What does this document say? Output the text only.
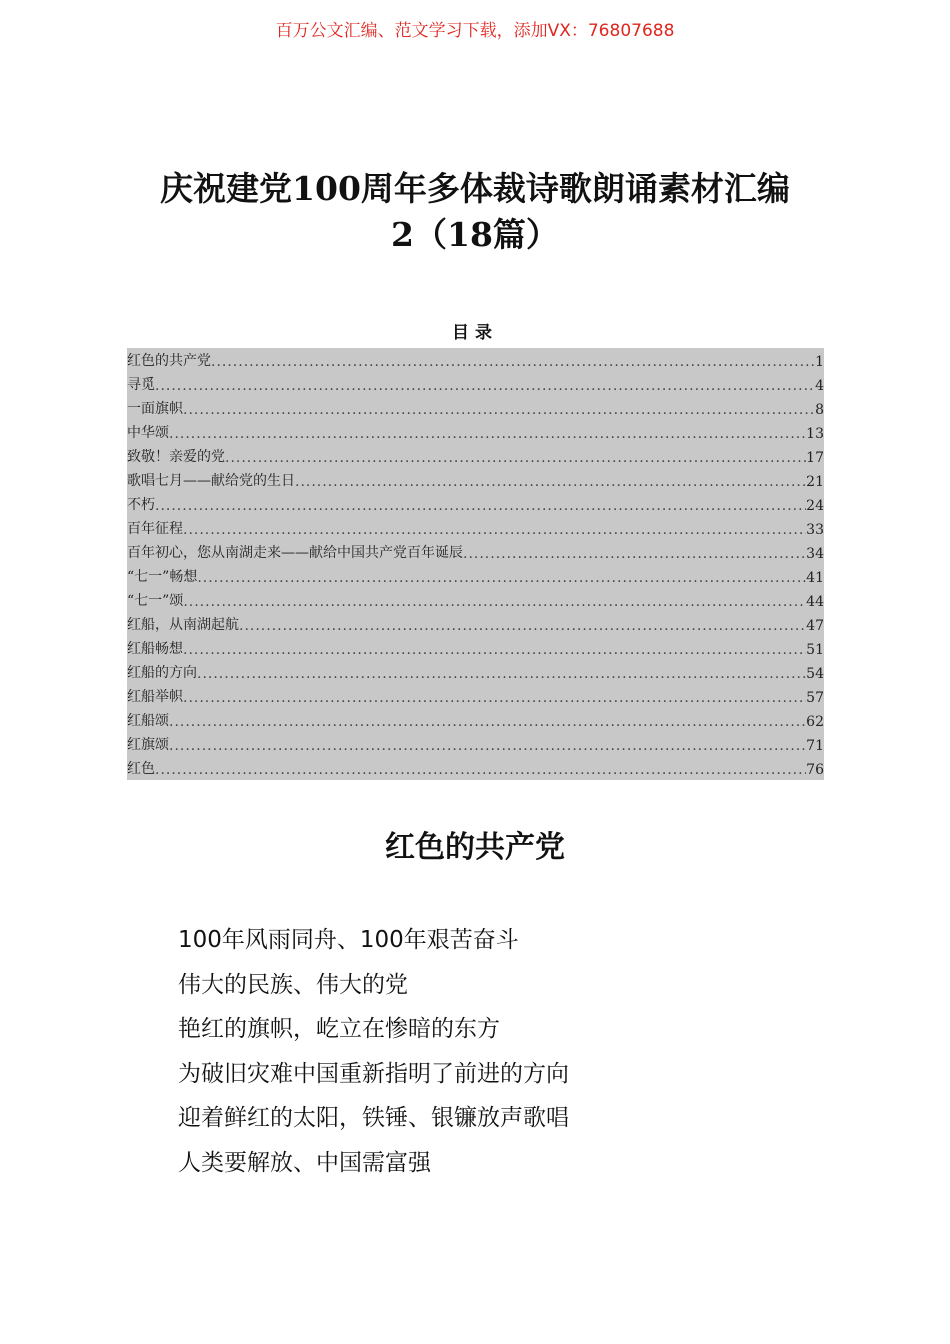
百万公文汇编、范文学习下载，添加VX：76807688
庆祝建党100周年多体裁诗歌朗诵素材汇编
2（18篇）
目录
红色的共产党 .....	1
寻觅 .....	4
一面旗帜 .....	8
中华颂 .....	13
致敬！亲爱的党 .....	17
歌唱七月——献给党的生日 .....	21
不朽 .....	24
百年征程 .....	33
百年初心，您从南湖走来——献给中国共产党百年诞辰 .....	34
“七一”畅想 .....	41
“七一”颂 .....	44
红船，从南湖起航 .....	47
红船畅想 .....	51
红船的方向 .....	54
红船举帜 .....	57
红船颂 .....	62
红旗颂 .....	71
红色 .....	76
红色的共产党
100年风雨同舟、100年艰苦奋斗
伟大的民族、伟大的党
艳红的旗帜，屹立在惨暗的东方
为破旧灾难中国重新指明了前进的方向
迎着鲜红的太阳，铁锤、银镰放声歌唱
人类要解放、中国需富强
